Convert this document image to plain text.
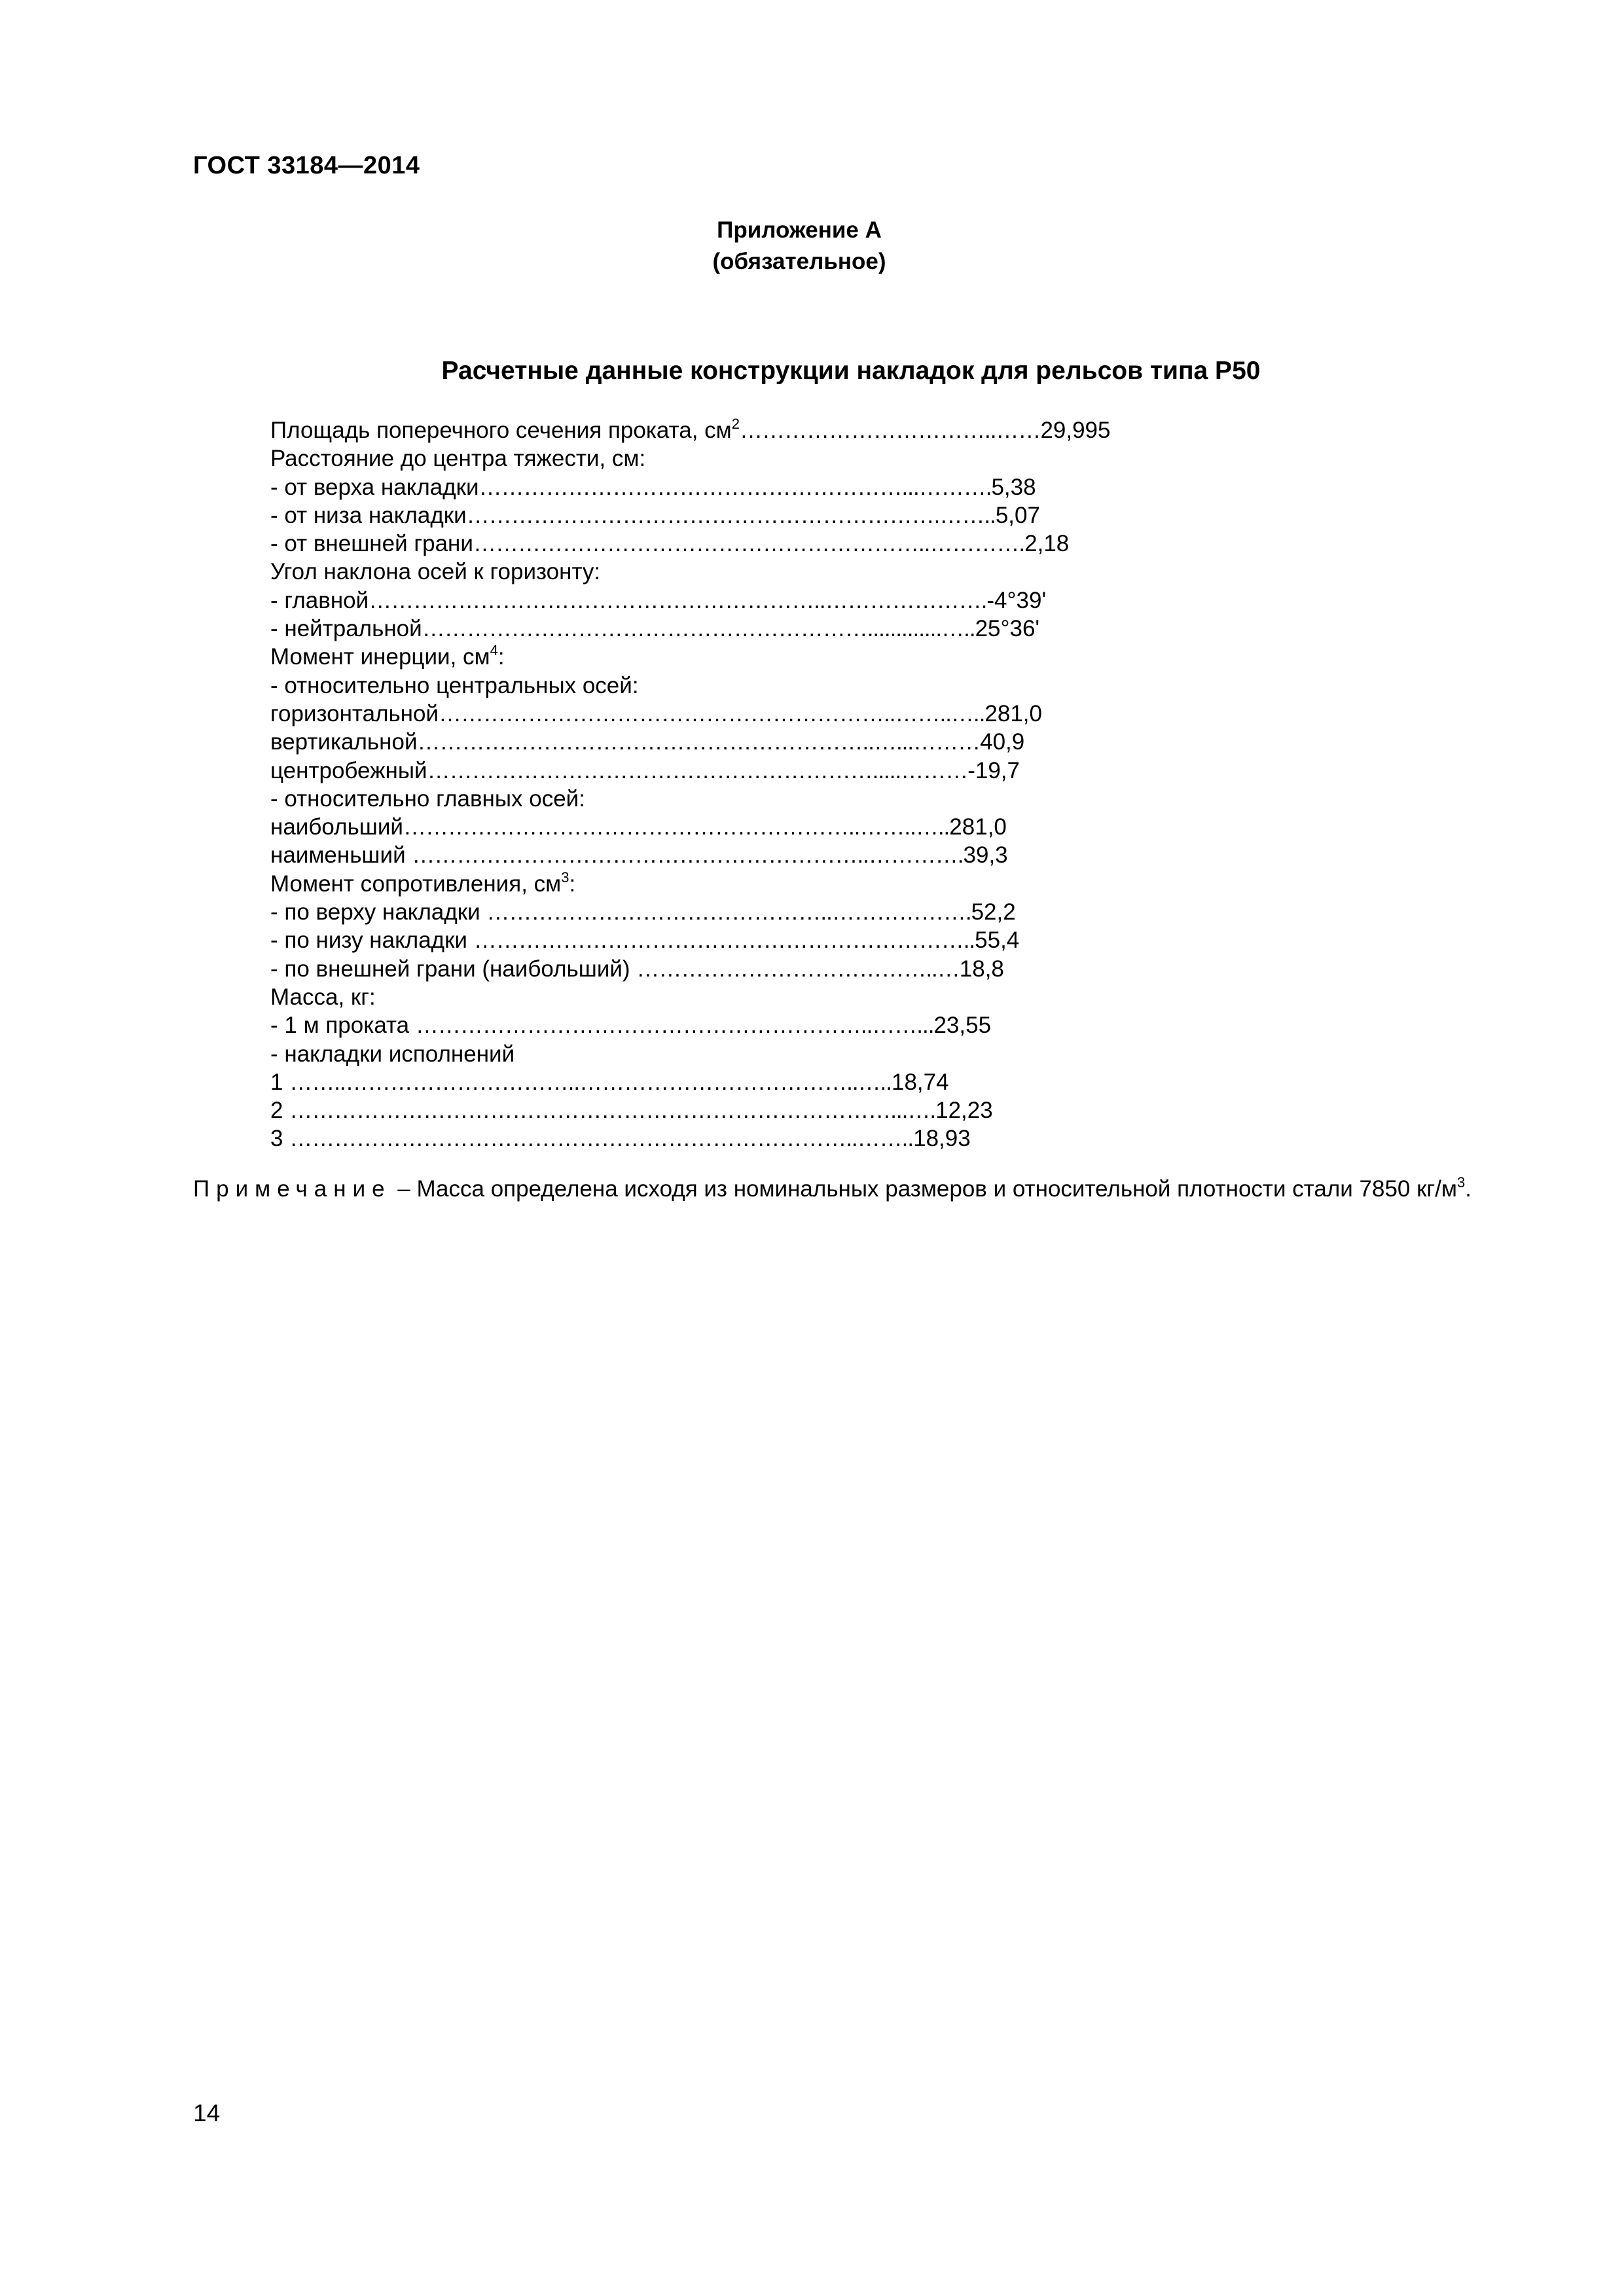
ГОСТ 33184—2014
Приложение А (обязательное)
Расчетные данные конструкции накладок для рельсов типа Р50
Площадь поперечного сечения проката, $см^2\dots\dots\dots\dots\dots\dots\dots\dots\dots\dots\dots..\dots\dots 29,995$
Расстояние до центра тяжести, см:
- от верха накладки…………………………………………………...……….5,38
- от низа накладки……………………………………………………….……..5,07
- от внешней грани……………………………………………………..………….2,18
Угол наклона осей к горизонту:
- главной……………………………………………………..………………….-4°39'
- нейтральной…………………………………………………….............…..25°36'
Момент инерции, $см^4$:
- относительно центральных осей:
горизонтальной……………………………………………………..……..…..281,0
вертикальной……………………………………………………..…...………40,9
центробежный…………………………………………………….....………-19,7
- относительно главных осей:
наибольший……………………………………………………..……..…..281,0
наименьший ……………………………………………………..………….39,3
Момент сопротивления, $см^3$:
- по верху накладки ………………………………………..……………….52,2
- по низу накладки …………………………………………………………..55,4
- по внешней грани (наибольший) …………………………………..…18,8
Масса, кг:
- 1 м проката ……………………………………………………..……...23,55
- накладки исполнений
1 ……..…………………………..………………………………..…..18,74
2 ………………………………………………………………………...….12,23
3 …………………………………………………………………..……..18,93
Примечание – Масса определена исходя из номинальных размеров и относительной плотности стали 7850 $кг/м^3$.
14
